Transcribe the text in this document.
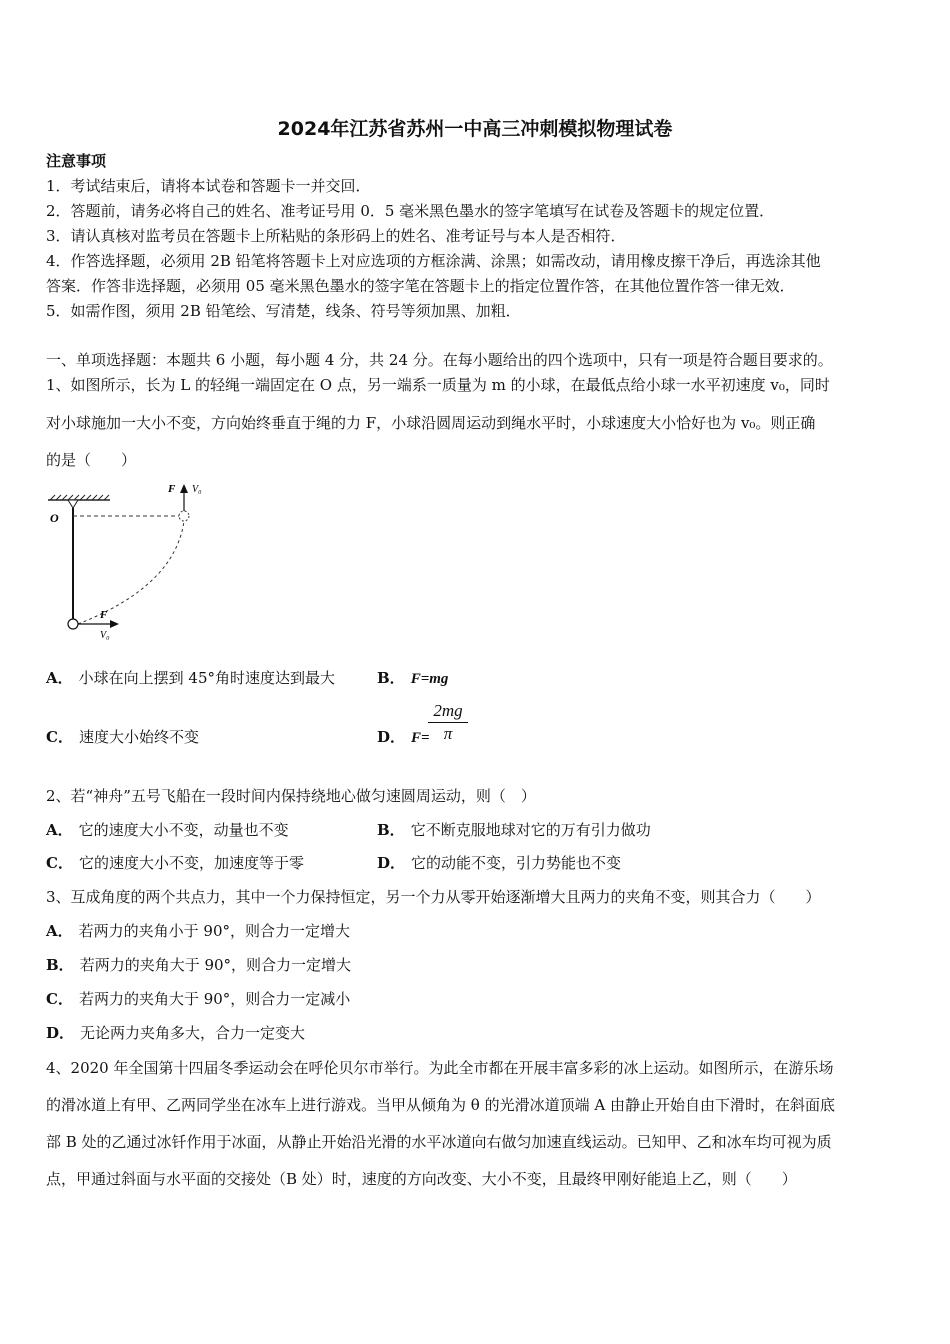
2024年江苏省苏州一中高三冲刺模拟物理试卷
注意事项
1．考试结束后，请将本试卷和答题卡一并交回．
2．答题前，请务必将自己的姓名、准考证号用 0．5 毫米黑色墨水的签字笔填写在试卷及答题卡的规定位置．
3．请认真核对监考员在答题卡上所粘贴的条形码上的姓名、准考证号与本人是否相符．
4．作答选择题，必须用 2B 铅笔将答题卡上对应选项的方框涂满、涂黑；如需改动，请用橡皮擦干净后，再选涂其他
答案．作答非选择题，必须用 05 毫米黑色墨水的签字笔在答题卡上的指定位置作答，在其他位置作答一律无效．
5．如需作图，须用 2B 铅笔绘、写清楚，线条、符号等须加黑、加粗．
一、单项选择题：本题共 6 小题，每小题 4 分，共 24 分。在每小题给出的四个选项中，只有一项是符合题目要求的。
1、如图所示，长为 L 的轻绳一端固定在 O 点，另一端系一质量为 m 的小球，在最低点给小球一水平初速度 v₀，同时
对小球施加一大小不变，方向始终垂直于绳的力 F，小球沿圆周运动到绳水平时，小球速度大小恰好也为 v₀。则正确
的是（　　）
O
F V₀
F
V₀
A． 小球在向上摆到 45°角时速度达到最大	B． F=mg
C． 速度大小始终不变	D． F=
$\frac{2mg}{\pi}$
2、若“神舟”五号飞船在一段时间内保持绕地心做匀速圆周运动，则（　）
A． 它的速度大小不变，动量也不变	B． 它不断克服地球对它的万有引力做功
C． 它的速度大小不变，加速度等于零	D． 它的动能不变，引力势能也不变
3、互成角度的两个共点力，其中一个力保持恒定，另一个力从零开始逐渐增大且两力的夹角不变，则其合力（　　）
A． 若两力的夹角小于 90°，则合力一定增大
B． 若两力的夹角大于 90°，则合力一定增大
C． 若两力的夹角大于 90°，则合力一定减小
D． 无论两力夹角多大，合力一定变大
4、2020 年全国第十四届冬季运动会在呼伦贝尔市举行。为此全市都在开展丰富多彩的冰上运动。如图所示，在游乐场
的滑冰道上有甲、乙两同学坐在冰车上进行游戏。当甲从倾角为 θ 的光滑冰道顶端 A 由静止开始自由下滑时，在斜面底
部 B 处的乙通过冰钎作用于冰面，从静止开始沿光滑的水平冰道向右做匀加速直线运动。已知甲、乙和冰车均可视为质
点，甲通过斜面与水平面的交接处（B 处）时，速度的方向改变、大小不变，且最终甲刚好能追上乙，则（　　）
